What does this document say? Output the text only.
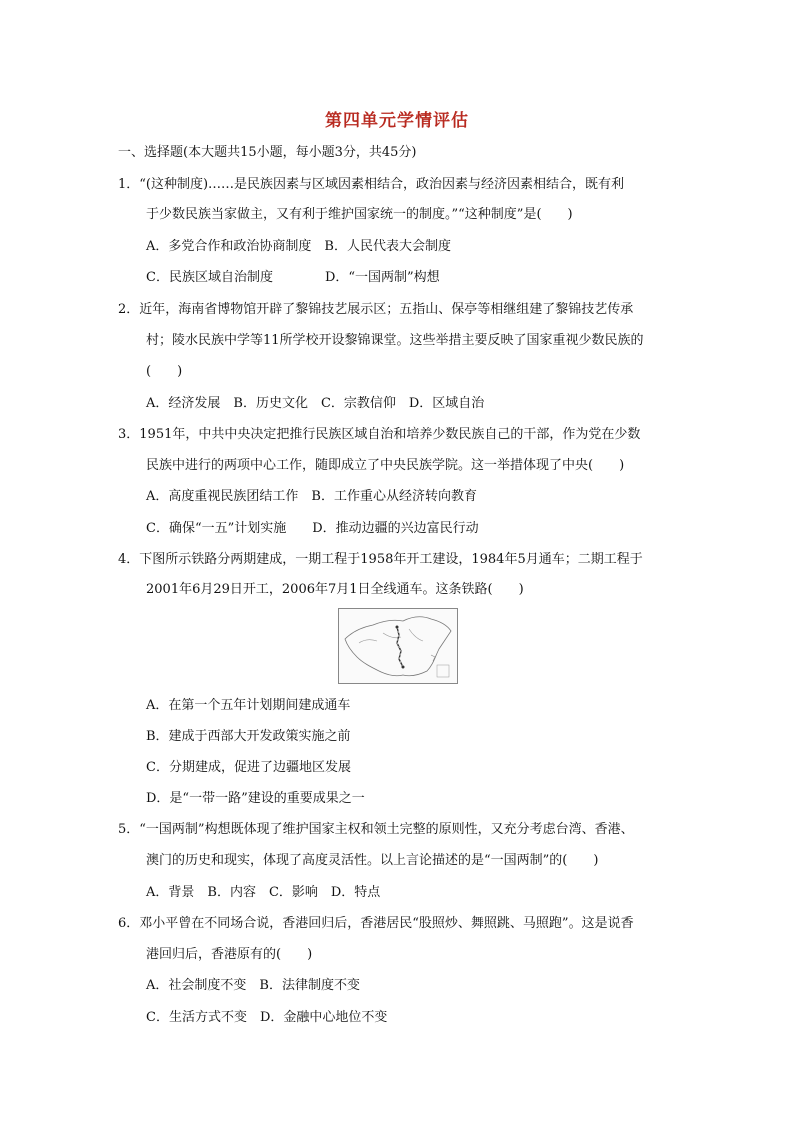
第四单元学情评估
一、选择题(本大题共15小题，每小题3分，共45分)
1．“(这种制度)……是民族因素与区域因素相结合，政治因素与经济因素相结合，既有利
于少数民族当家做主，又有利于维护国家统一的制度。”“这种制度”是(　　)
A．多党合作和政治协商制度　B．人民代表大会制度
C．民族区域自治制度　　　　D．“一国两制”构想
2．近年，海南省博物馆开辟了黎锦技艺展示区；五指山、保亭等相继组建了黎锦技艺传承
村；陵水民族中学等11所学校开设黎锦课堂。这些举措主要反映了国家重视少数民族的
(　　)
A．经济发展　B．历史文化　C．宗教信仰　D．区域自治
3．1951年，中共中央决定把推行民族区域自治和培养少数民族自己的干部，作为党在少数
民族中进行的两项中心工作，随即成立了中央民族学院。这一举措体现了中央(　　)
A．高度重视民族团结工作　B．工作重心从经济转向教育
C．确保“一五”计划实施　　D．推动边疆的兴边富民行动
4．下图所示铁路分两期建成，一期工程于1958年开工建设，1984年5月通车；二期工程于
2001年6月29日开工，2006年7月1日全线通车。这条铁路(　　)
A．在第一个五年计划期间建成通车
B．建成于西部大开发政策实施之前
C．分期建成，促进了边疆地区发展
D．是“一带一路”建设的重要成果之一
5．“一国两制”构想既体现了维护国家主权和领土完整的原则性，又充分考虑台湾、香港、
澳门的历史和现实，体现了高度灵活性。以上言论描述的是“一国两制”的(　　)
A．背景　B．内容　C．影响　D．特点
6．邓小平曾在不同场合说，香港回归后，香港居民“股照炒、舞照跳、马照跑”。这是说香
港回归后，香港原有的(　　)
A．社会制度不变　B．法律制度不变
C．生活方式不变　D．金融中心地位不变
